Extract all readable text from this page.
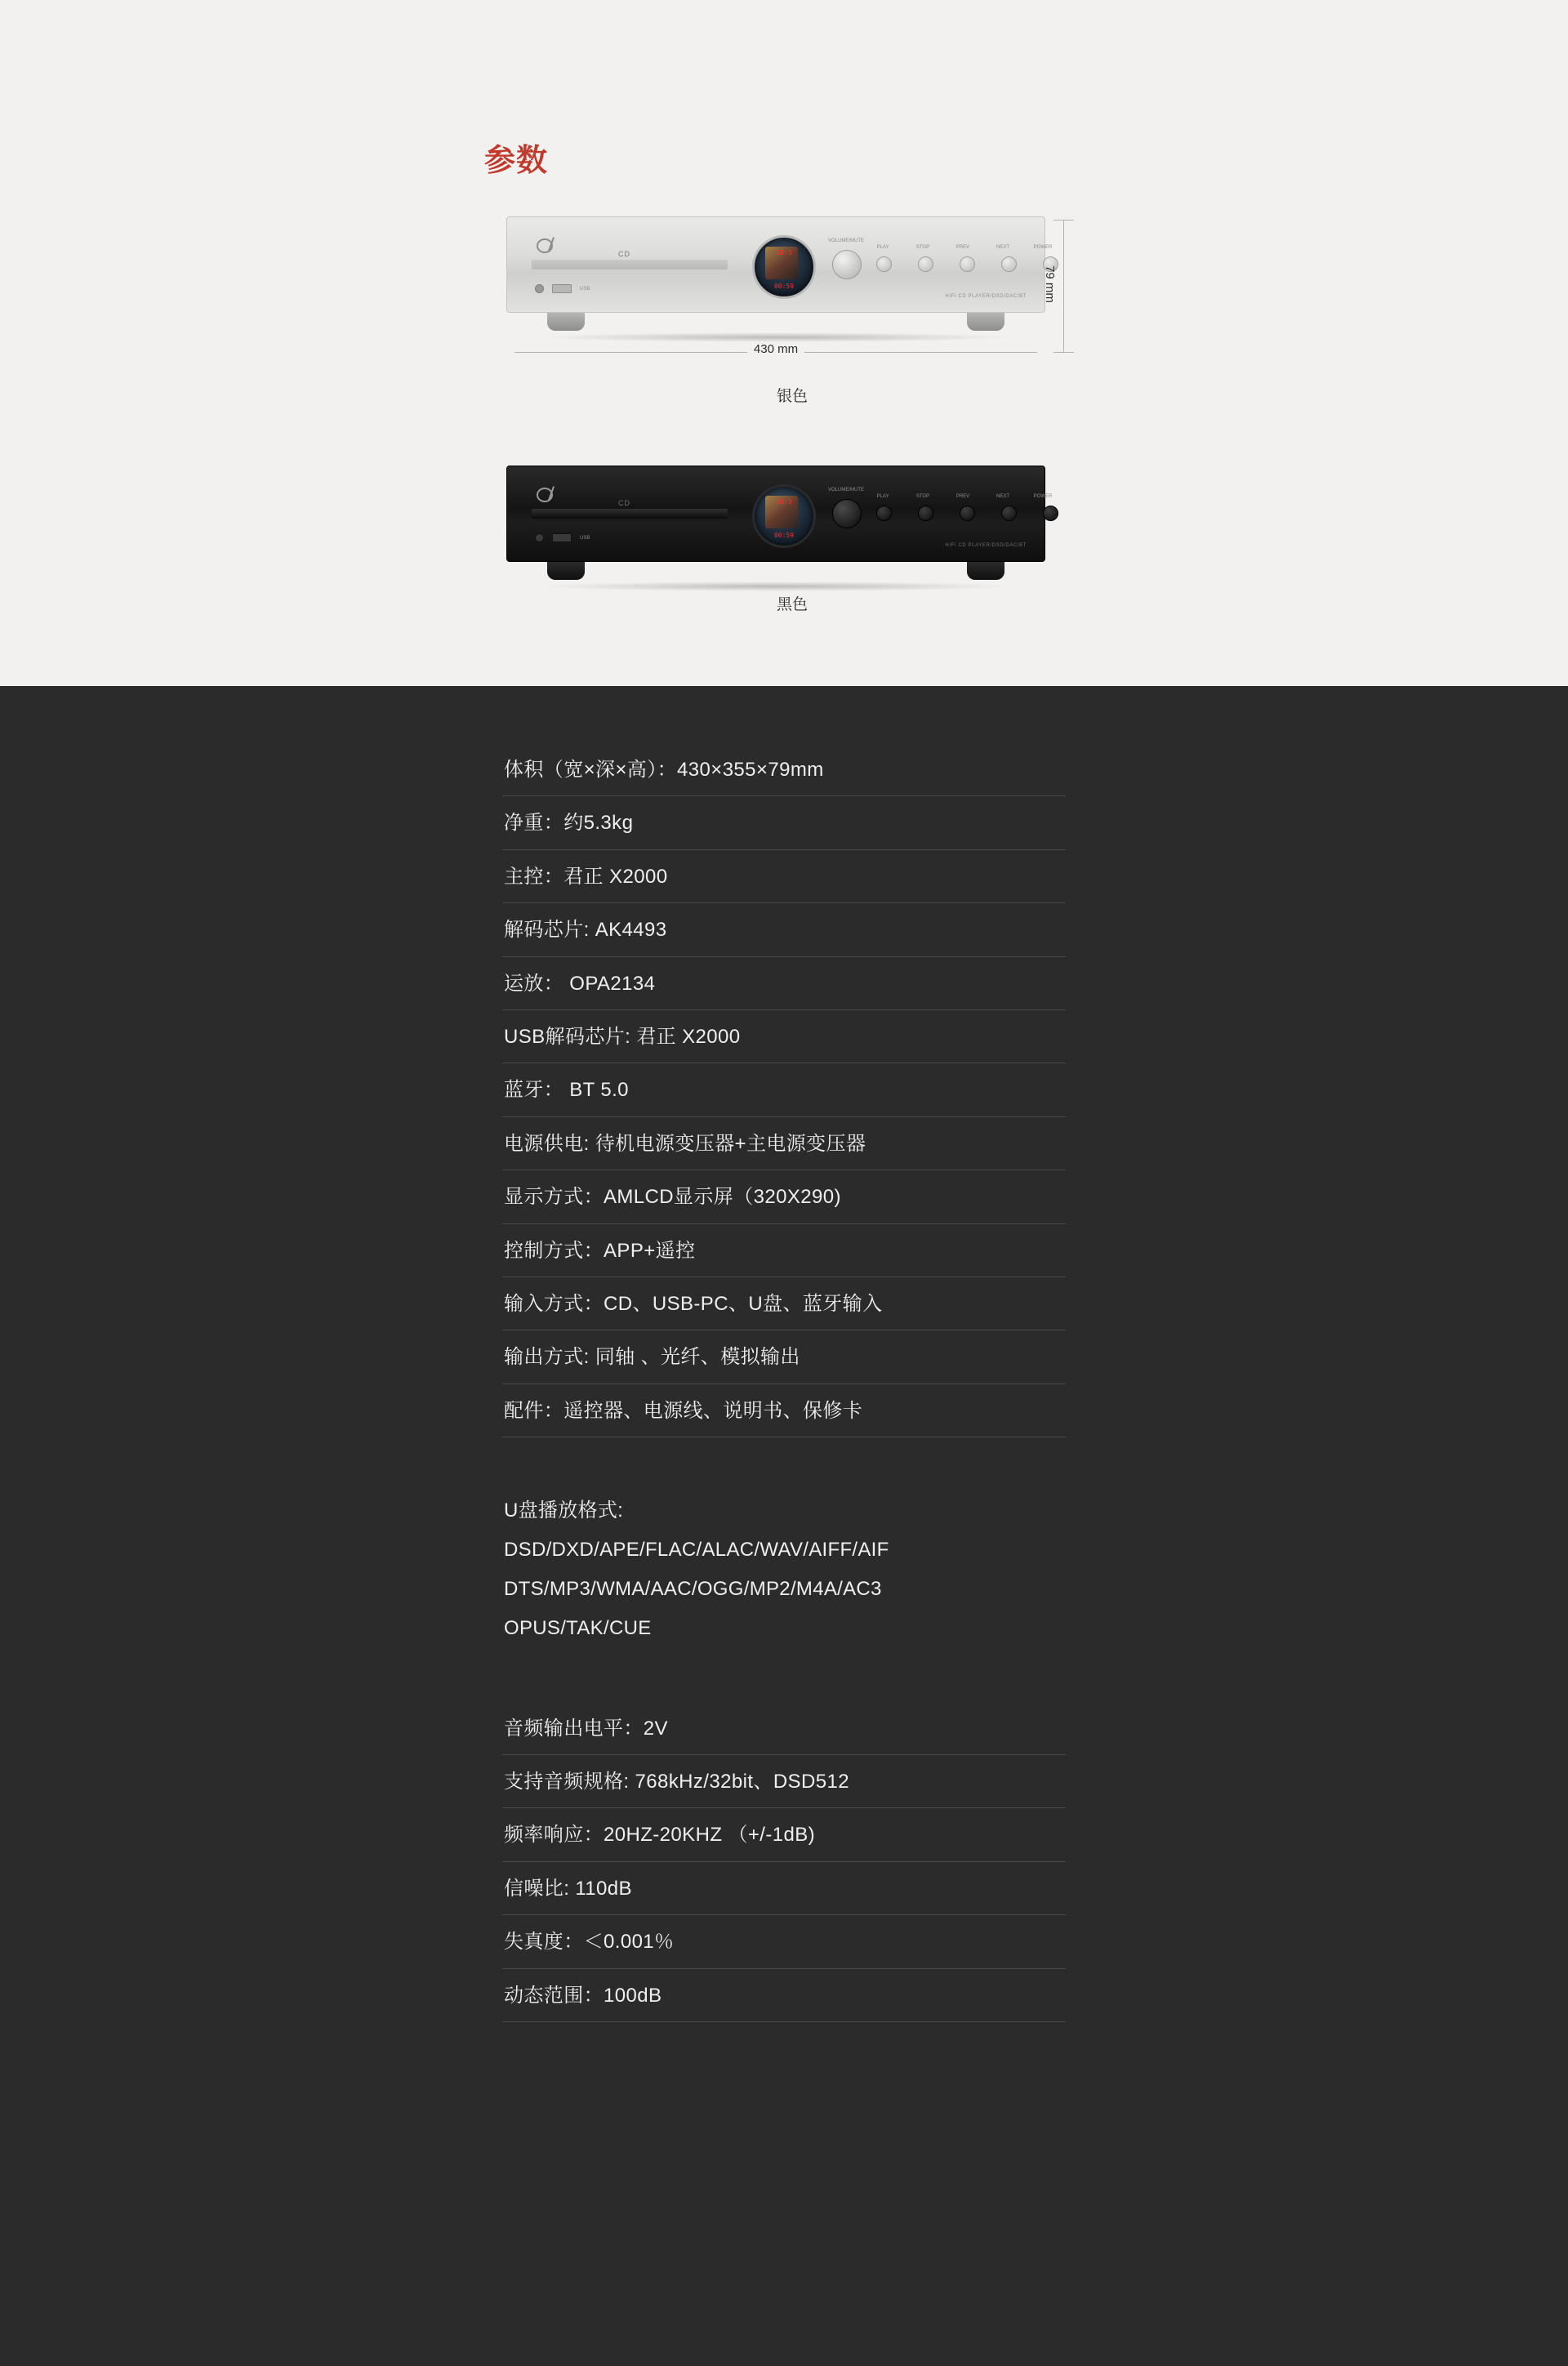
参数
CD
USB
18-3
00:59
VOLUME/MUTE
PLAY	STOP	PREV	NEXT	POWER
HIFI CD PLAYER/DSD/DAC/BT
430 mm
79 mm
银色
CD
USB
18-3
00:59
VOLUME/MUTE
PLAY	STOP	PREV	NEXT	POWER
HIFI CD PLAYER/DSD/DAC/BT
黑色
体积（宽×深×高）：430×355×79mm
净重：约5.3kg
主控：君正 X2000
解码芯片: AK4493
运放： OPA2134
USB解码芯片: 君正 X2000
蓝牙： BT 5.0
电源供电: 待机电源变压器+主电源变压器
显示方式：AMLCD显示屏（320X290)
控制方式：APP+遥控
输入方式：CD、USB-PC、U盘、蓝牙输入
输出方式: 同轴 、光纤、模拟输出
配件：遥控器、电源线、说明书、保修卡
U盘播放格式:
DSD/DXD/APE/FLAC/ALAC/WAV/AIFF/AIF
DTS/MP3/WMA/AAC/OGG/MP2/M4A/AC3
OPUS/TAK/CUE
音频输出电平：2V
支持音频规格: 768kHz/32bit、DSD512
频率响应：20HZ-20KHZ （+/-1dB)
信噪比: 110dB
失真度：＜0.001％
动态范围：100dB
